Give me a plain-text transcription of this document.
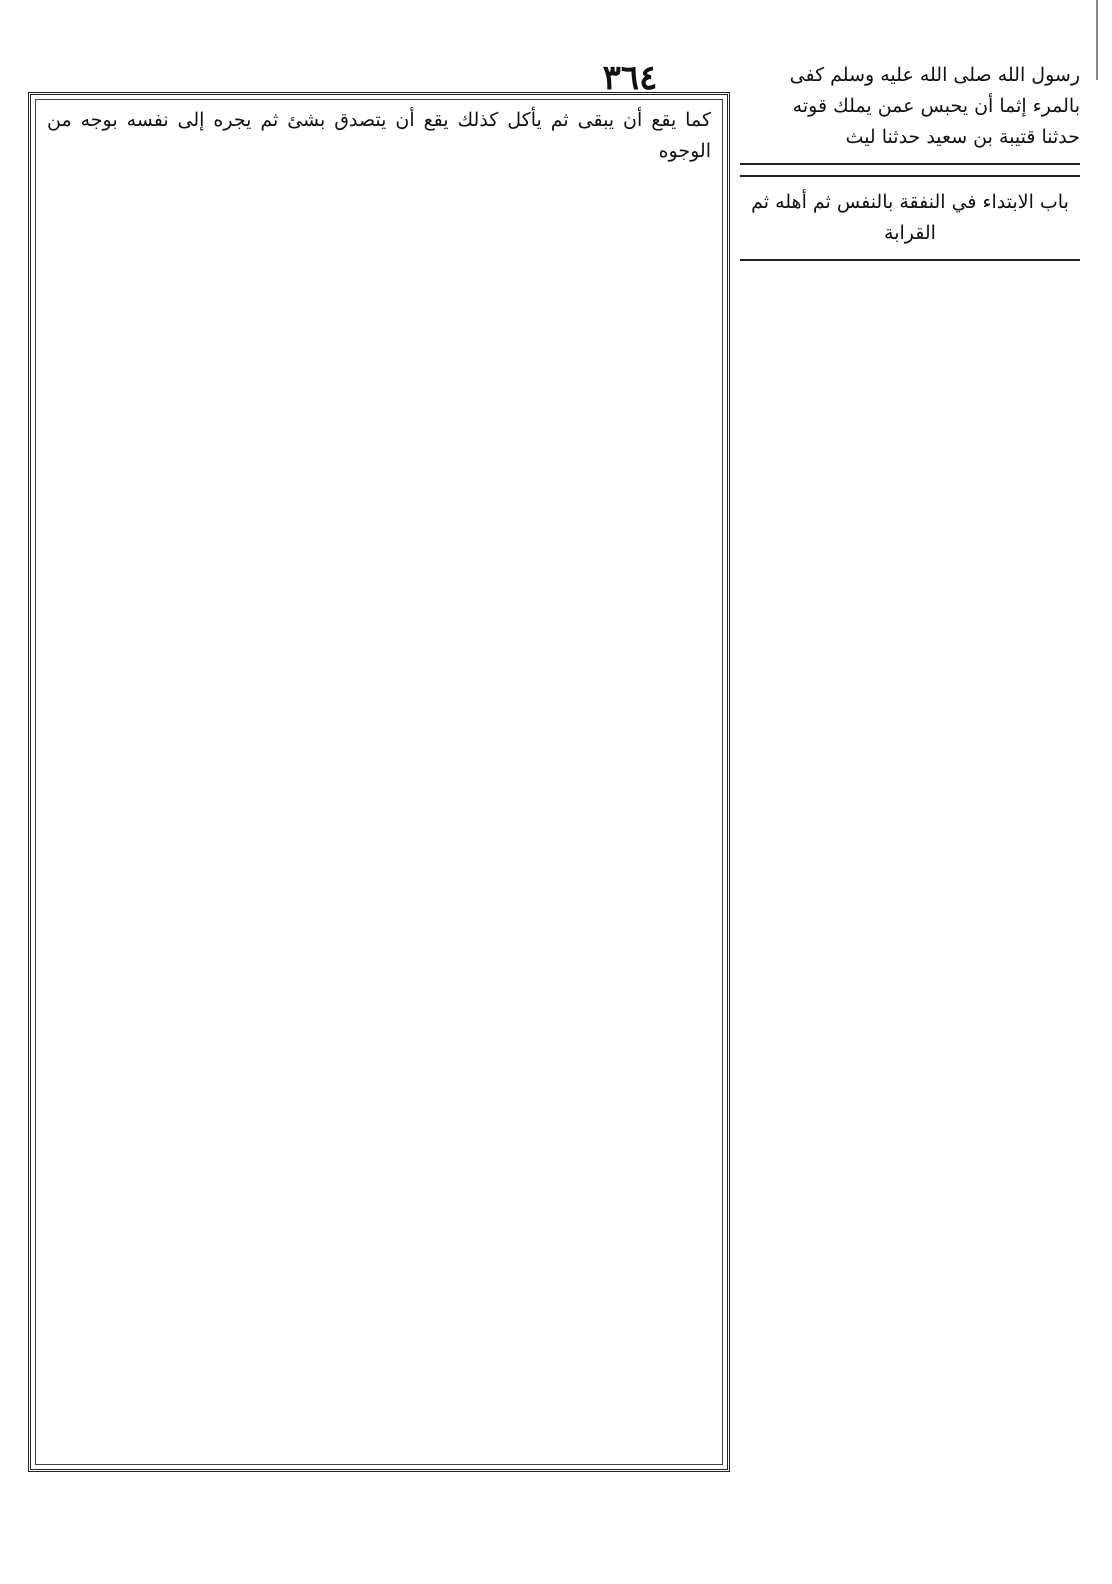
٣٦٤

كما يقع أن يبقى ثم يأكل كذلك يقع أن يتصدق بشئ ثم يجره إلى نفسه بوجه من الوجوه

رسول الله صلى الله عليه وسلم كفى

بالمرء إثما أن يحبس عمن يملك قوته

حدثنا قتيبة بن سعيد حدثنا ليث

باب الابتداء في النفقة بالنفس ثم أهله ثم القرابة
